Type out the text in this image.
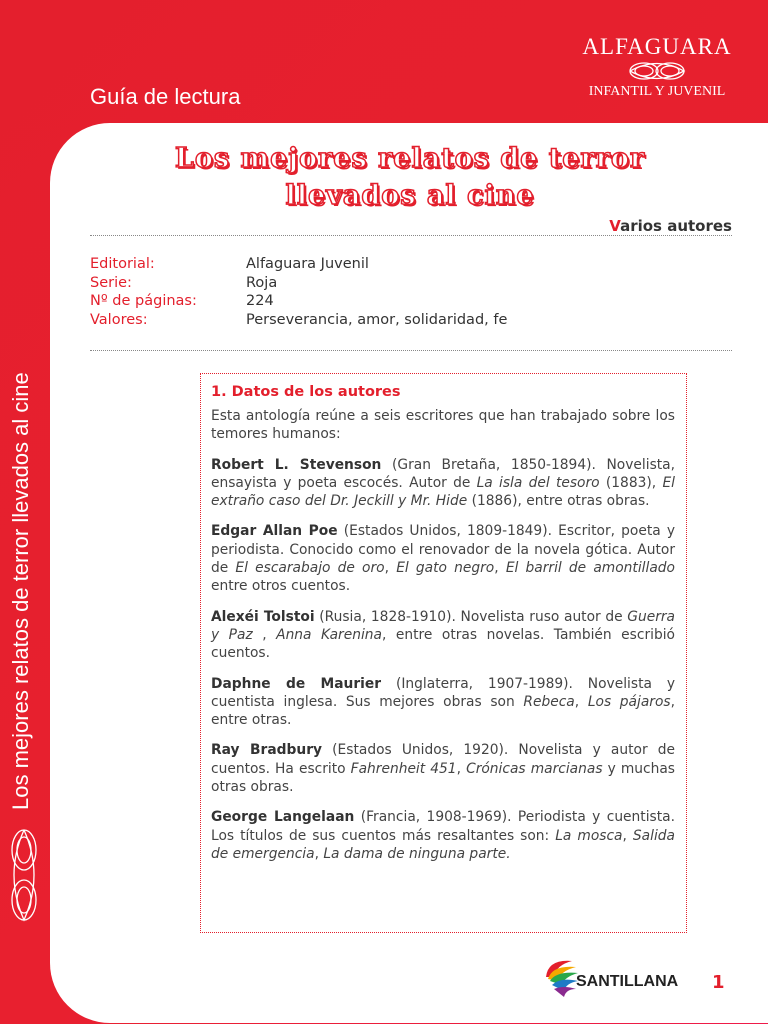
Guía de lectura
ALFAGUARA
INFANTIL Y JUVENIL
Los mejores relatos de terror llevados al cine
Los mejores relatos de terror
llevados al cine
Varios autores
Editorial:	Alfaguara Juvenil
Serie:	Roja
Nº de páginas:	224
Valores:	Perseverancia, amor, solidaridad, fe
1. Datos de los autores

Esta antología reúne a seis escritores que han trabajado sobre los temores humanos:

Robert L. Stevenson (Gran Bretaña, 1850-1894). Novelista, ensayista y poeta escocés. Autor de La isla del tesoro (1883), El extraño caso del Dr. Jeckill y Mr. Hide (1886), entre otras obras.

Edgar Allan Poe (Estados Unidos, 1809-1849). Escritor, poeta y periodista. Conocido como el renovador de la novela gótica. Autor de El escarabajo de oro, El gato negro, El barril de amontillado entre otros cuentos.

Alexéi Tolstoi (Rusia, 1828-1910). Novelista ruso autor de Guerra y Paz , Anna Karenina, entre otras novelas. También escribió cuentos.

Daphne de Maurier (Inglaterra, 1907-1989). Novelista y cuentista inglesa. Sus mejores obras son Rebeca, Los pájaros, entre otras.

Ray Bradbury (Estados Unidos, 1920). Novelista y autor de cuentos. Ha escrito Fahrenheit 451, Crónicas marcianas y muchas otras obras.

George Langelaan (Francia, 1908-1969). Periodista y cuentista. Los títulos de sus cuentos más resaltantes son: La mosca, Salida de emergencia, La dama de ninguna parte.

SANTILLANA 1
